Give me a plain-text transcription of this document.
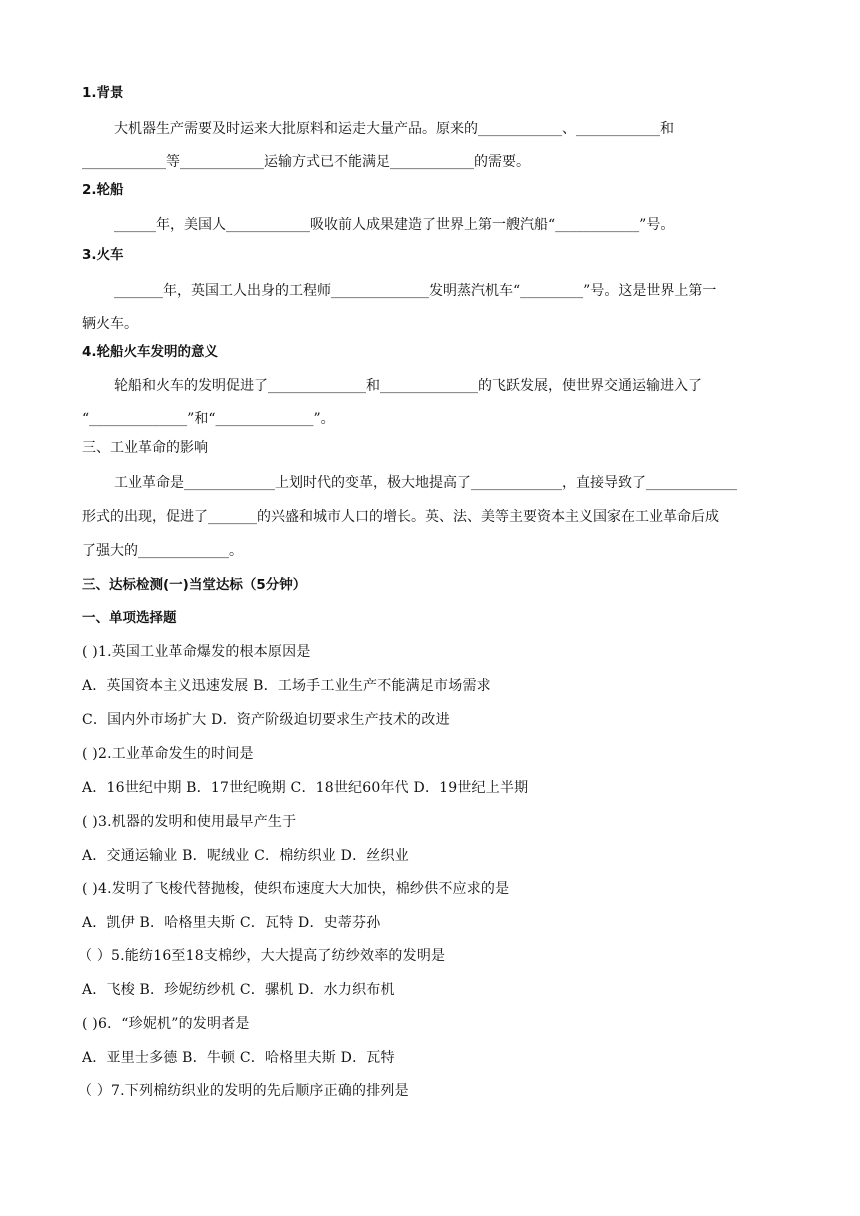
1.背景
大机器生产需要及时运来大批原料和运走大量产品。原来的____________、____________和
____________等____________运输方式已不能满足____________的需要。
2.轮船
______年，美国人____________吸收前人成果建造了世界上第一艘汽船“____________”号。
3.火车
_______年，英国工人出身的工程师______________发明蒸汽机车“_________”号。这是世界上第一
辆火车。
4.轮船火车发明的意义
轮船和火车的发明促进了______________和______________的飞跃发展，使世界交通运输进入了
“______________”和“______________”。
三、工业革命的影响
工业革命是_____________上划时代的变革，极大地提高了_____________，直接导致了_____________
形式的出现，促进了_______的兴盛和城市人口的增长。英、法、美等主要资本主义国家在工业革命后成
了强大的_____________。
三、达标检测(一)当堂达标（5分钟）
一、单项选择题
( )1.英国工业革命爆发的根本原因是
A．英国资本主义迅速发展 B．工场手工业生产不能满足市场需求
C．国内外市场扩大 D．资产阶级迫切要求生产技术的改进
( )2.工业革命发生的时间是
A．16世纪中期 B．17世纪晚期 C．18世纪60年代 D．19世纪上半期
( )3.机器的发明和使用最早产生于
A．交通运输业 B．呢绒业 C．棉纺织业 D．丝织业
( )4.发明了飞梭代替抛梭，使织布速度大大加快，棉纱供不应求的是
A．凯伊 B．哈格里夫斯 C．瓦特 D．史蒂芬孙
（ ）5.能纺16至18支棉纱，大大提高了纺纱效率的发明是
A．飞梭 B．珍妮纺纱机 C．骡机 D．水力织布机
( )6．“珍妮机”的发明者是
A．亚里士多德 B．牛顿 C．哈格里夫斯 D．瓦特
（ ）7.下列棉纺织业的发明的先后顺序正确的排列是
